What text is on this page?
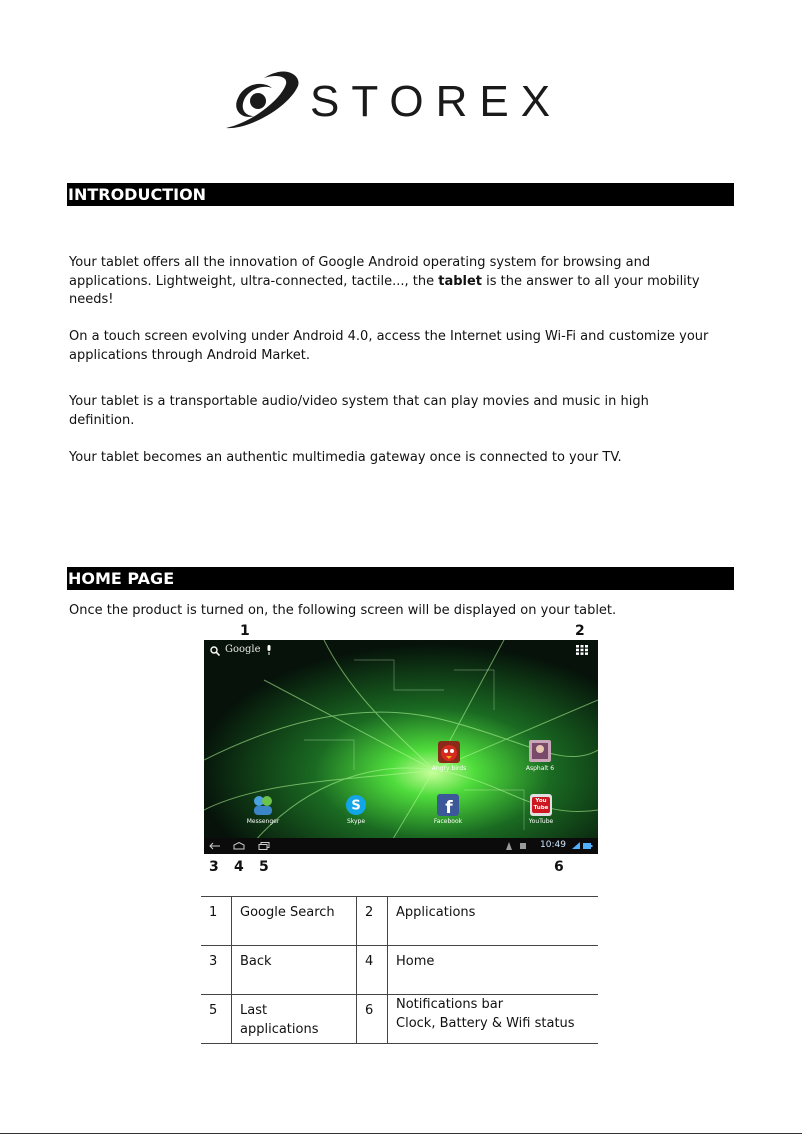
STOREX
INTRODUCTION

Your tablet offers all the innovation of Google Android operating system for browsing and applications. Lightweight, ultra-connected, tactile..., the tablet is the answer to all your mobility needs!

On a touch screen evolving under Android 4.0, access the Internet using Wi-Fi and customize your applications through Android Market.

Your tablet is a transportable audio/video system that can play movies and music in high definition.

Your tablet becomes an authentic multimedia gateway once is connected to your TV.

HOME PAGE

Once the product is turned on, the following screen will be displayed on your tablet.

1	2
3 4 5	6
Google
Angry birds	Asphalt 6
Messenger
S
Skype
f
Facebook
You Tube
YouTube
10:49
1	Google Search	2	Applications
3	Back	4	Home
5	Last applications	6	Notifications bar
Clock, Battery & Wifi status
